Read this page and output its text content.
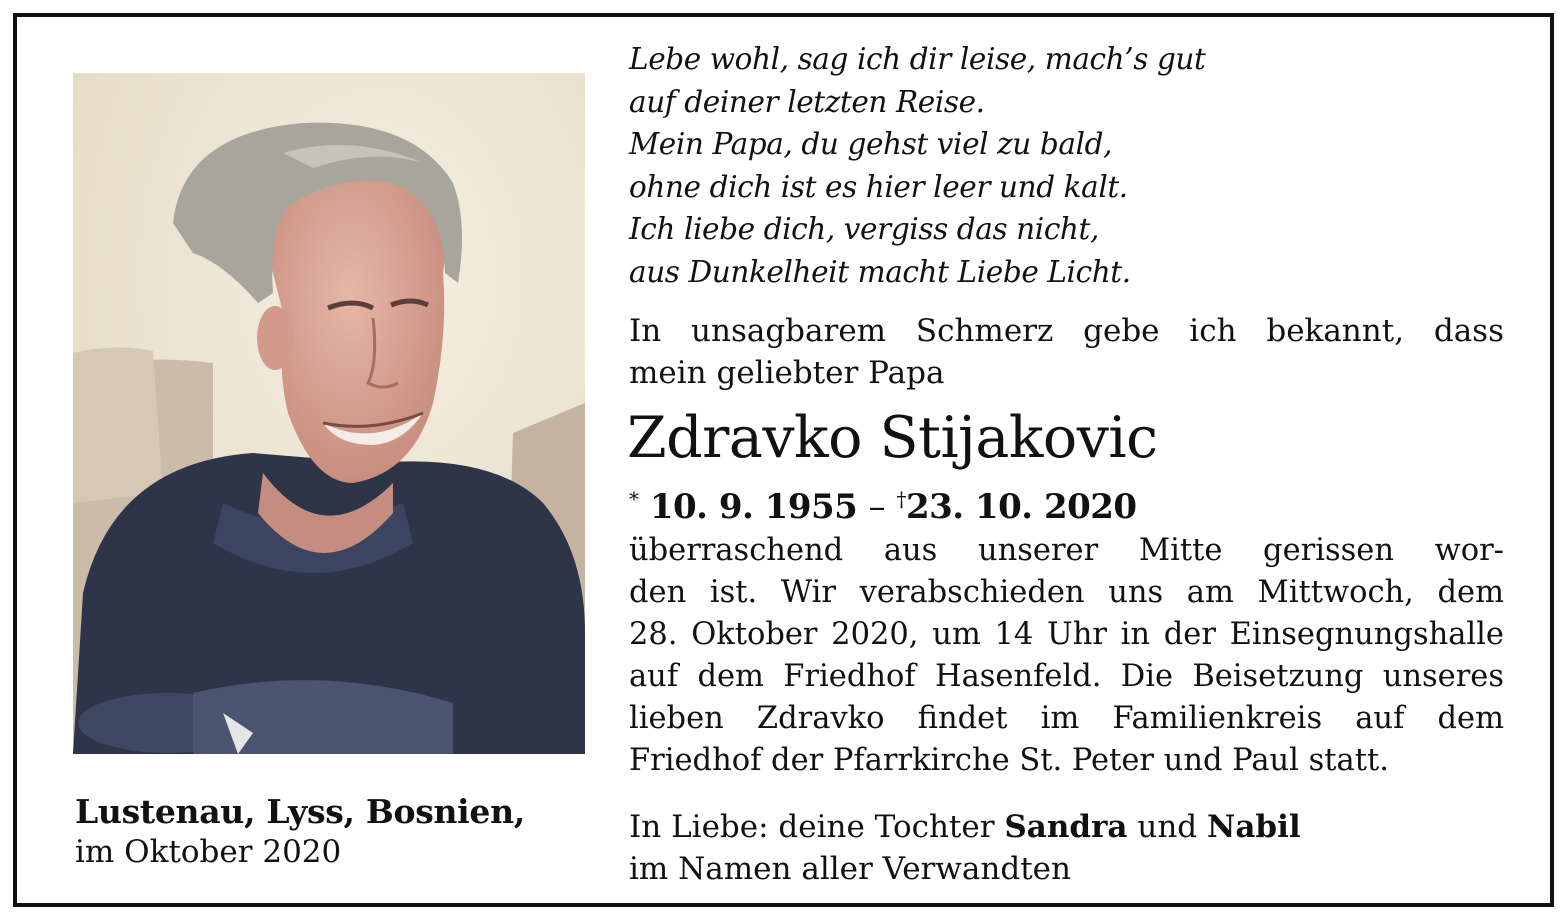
Lustenau, Lyss, Bosnien,
im Oktober 2020
Lebe wohl, sag ich dir leise, mach’s gut
auf deiner letzten Reise.
Mein Papa, du gehst viel zu bald,
ohne dich ist es hier leer und kalt.
Ich liebe dich, vergiss das nicht,
aus Dunkelheit macht Liebe Licht.
In unsagbarem Schmerz gebe ich bekannt, dass
mein geliebter Papa
Zdravko Stijakovic
* 10. 9. 1955 – †23. 10. 2020
überraschend aus unserer Mitte gerissen wor-
den ist. Wir verabschieden uns am Mittwoch, dem
28. Oktober 2020, um 14 Uhr in der Einsegnungshalle
auf dem Friedhof Hasenfeld. Die Beisetzung unseres
lieben Zdravko findet im Familienkreis auf dem
Friedhof der Pfarrkirche St. Peter und Paul statt.
In Liebe: deine Tochter Sandra und Nabil
im Namen aller Verwandten
